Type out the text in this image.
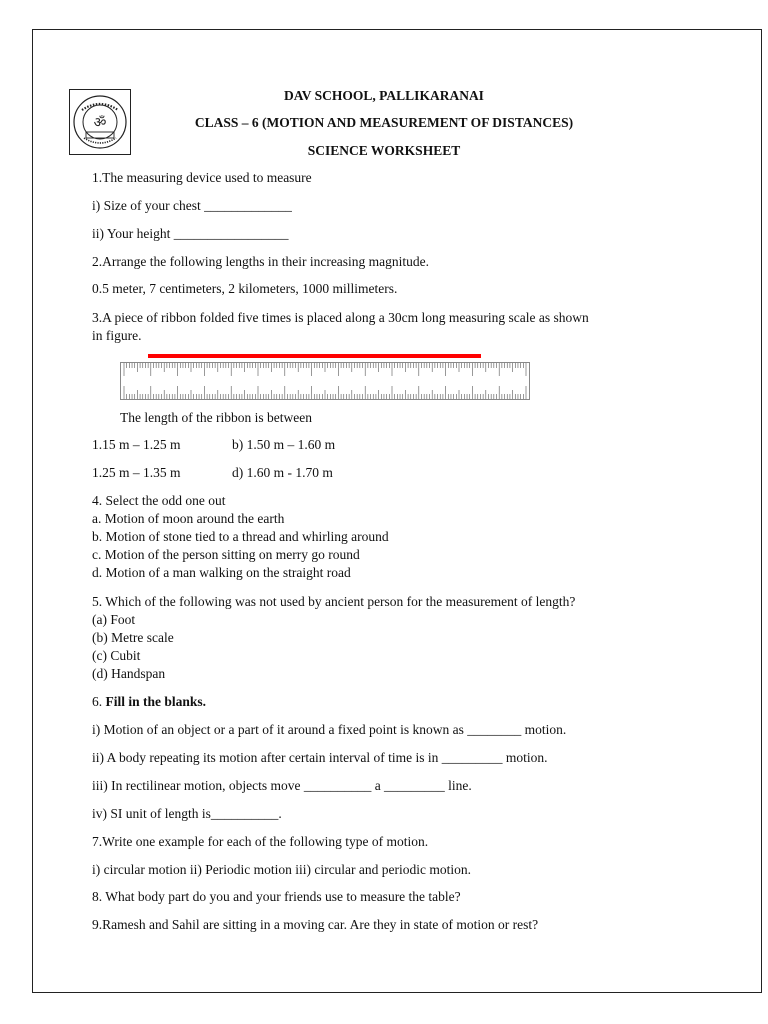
ॐ
DAV SCHOOL, PALLIKARANAI
CLASS – 6 (MOTION AND MEASUREMENT OF DISTANCES)
SCIENCE WORKSHEET
1.The measuring device used to measure
i) Size of your chest _____________
ii) Your height _________________
2.Arrange the following lengths in their increasing magnitude.
0.5 meter, 7 centimeters, 2 kilometers, 1000 millimeters.
3.A piece of ribbon folded five times is placed along a 30cm long measuring scale as shown
in figure.
The length of the ribbon is between
1.15 m – 1.25 m	b) 1.50 m – 1.60 m
1.25 m – 1.35 m	d) 1.60 m - 1.70 m
4. Select the odd one out
a. Motion of moon around the earth
b. Motion of stone tied to a thread and whirling around
c. Motion of the person sitting on merry go round
d. Motion of a man walking on the straight road
5. Which of the following was not used by ancient person for the measurement of length?
(a) Foot
(b) Metre scale
(c) Cubit
(d) Handspan
6. Fill in the blanks.
i) Motion of an object or a part of it around a fixed point is known as ________ motion.
ii) A body repeating its motion after certain interval of time is in _________ motion.
iii) In rectilinear motion, objects move __________ a _________ line.
iv) SI unit of length is__________.
7.Write one example for each of the following type of motion.
i) circular motion ii) Periodic motion iii) circular and periodic motion.
8. What body part do you and your friends use to measure the table?
9.Ramesh and Sahil are sitting in a moving car. Are they in state of motion or rest?
